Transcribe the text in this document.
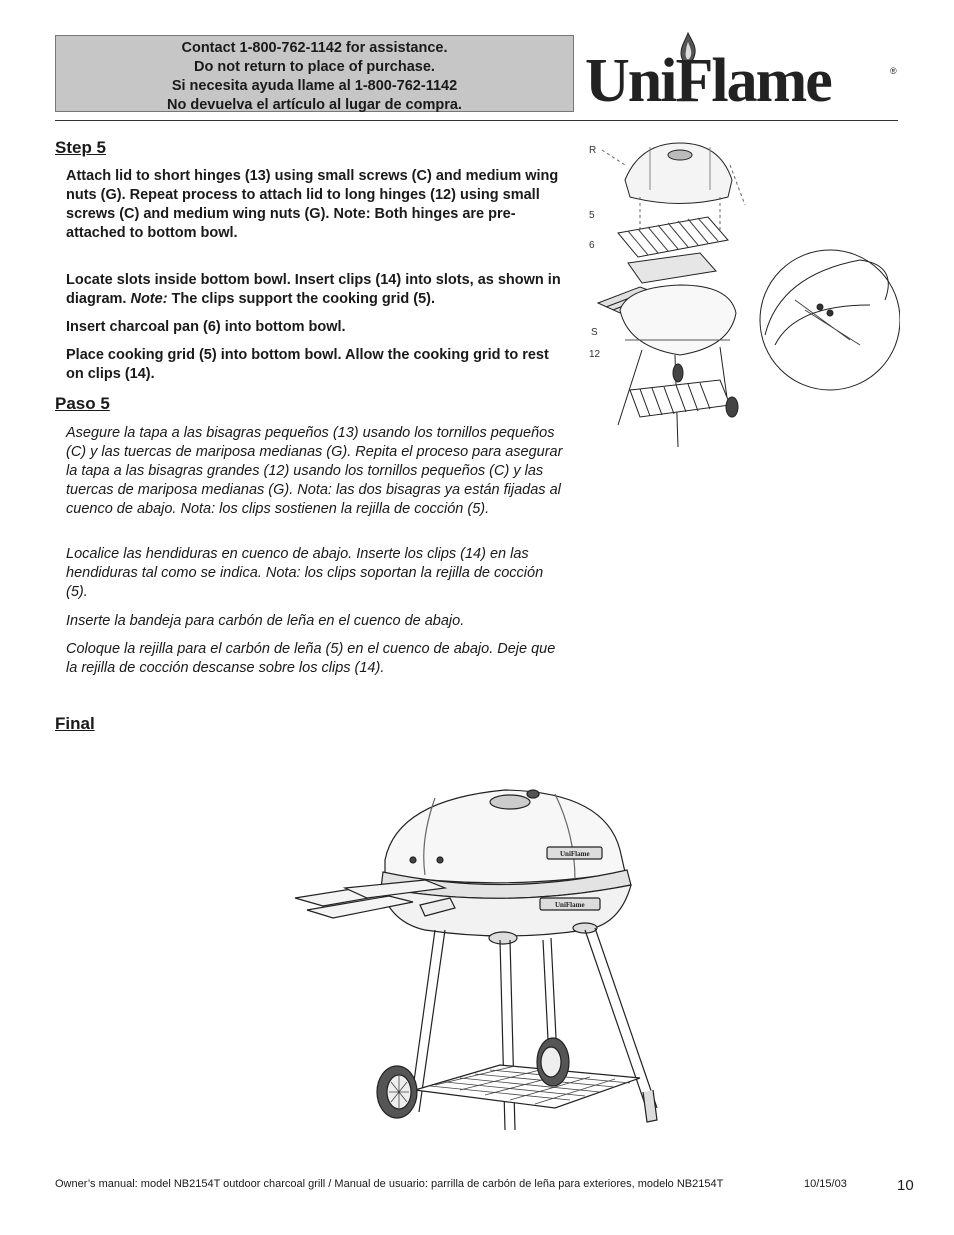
Contact 1-800-762-1142 for assistance.
Do not return to place of purchase.
Si necesita ayuda llame al 1-800-762-1142
No devuelva el artículo al lugar de compra.	UniFlame	®
Step 5
Attach lid to short hinges (13) using small screws (C) and medium wing nuts (G). Repeat process to attach lid to long hinges (12) using small screws (C) and medium wing nuts (G). Note: Both hinges are pre-attached to bottom bowl.
Locate slots inside bottom bowl. Insert clips (14) into slots, as shown in diagram. Note: The clips support the cooking grid (5).
Insert charcoal pan (6) into bottom bowl.
Place cooking grid (5) into bottom bowl. Allow the cooking grid to rest on clips (14).
Paso 5
Asegure la tapa a las bisagras pequeños (13) usando los tornillos pequeños (C) y las tuercas de mariposa medianas (G). Repita el proceso para asegurar la tapa a las bisagras grandes (12) usando los tornillos pequeños (C) y las tuercas de mariposa medianas (G). Nota: las dos bisagras ya están fijadas al cuenco de abajo. Nota: los clips sostienen la rejilla de cocción (5).
Localice las hendiduras en cuenco de abajo. Inserte los clips (14) en las hendiduras tal como se indica. Nota: los clips soportan la rejilla de cocción (5).
Inserte la bandeja para carbón de leña en el cuenco de abajo.
Coloque la rejilla para el carbón de leña (5) en el cuenco de abajo. Deje que la rejilla de cocción descanse sobre los clips (14).
Final
R
5
6
S
12
UniFlame
UniFlame
Owner’s manual: model NB2154T outdoor charcoal grill / Manual de usuario: parrilla de carbón de leña para exteriores, modelo NB2154T	10/15/03	10
